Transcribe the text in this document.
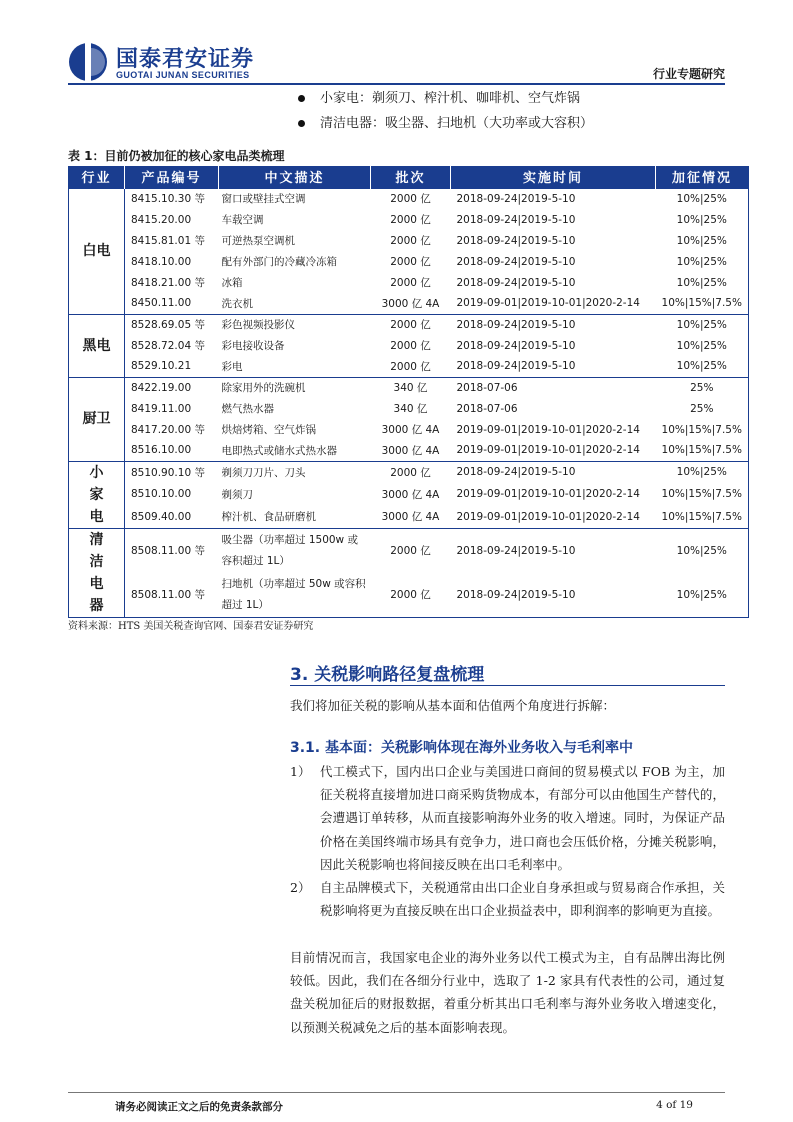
国泰君安证券
GUOTAI JUNAN SECURITIES	行业专题研究
小家电：剃须刀、榨汁机、咖啡机、空气炸锅
清洁电器：吸尘器、扫地机（大功率或大容积）
表 1：目前仍被加征的核心家电品类梳理
行业	产品编号	中文描述	批次	实施时间	加征情况
白电	8415.10.30 等	窗口或壁挂式空调	2000 亿	2018-09-24|2019-5-10	10%|25%
	8415.20.00	车载空调	2000 亿	2018-09-24|2019-5-10	10%|25%
	8415.81.01 等	可逆热泵空调机	2000 亿	2018-09-24|2019-5-10	10%|25%
	8418.10.00	配有外部门的冷藏冷冻箱	2000 亿	2018-09-24|2019-5-10	10%|25%
	8418.21.00 等	冰箱	2000 亿	2018-09-24|2019-5-10	10%|25%
	8450.11.00	洗衣机	3000 亿 4A	2019-09-01|2019-10-01|2020-2-14	10%|15%|7.5%
黑电	8528.69.05 等	彩色视频投影仪	2000 亿	2018-09-24|2019-5-10	10%|25%
	8528.72.04 等	彩电接收设备	2000 亿	2018-09-24|2019-5-10	10%|25%
	8529.10.21	彩电	2000 亿	2018-09-24|2019-5-10	10%|25%
厨卫	8422.19.00	除家用外的洗碗机	340 亿	2018-07-06	25%
	8419.11.00	燃气热水器	340 亿	2018-07-06	25%
	8417.20.00 等	烘焙烤箱、空气炸锅	3000 亿 4A	2019-09-01|2019-10-01|2020-2-14	10%|15%|7.5%
	8516.10.00	电即热式或储水式热水器	3000 亿 4A	2019-09-01|2019-10-01|2020-2-14	10%|15%|7.5%
小家电	8510.90.10 等	剃须刀刀片、刀头	2000 亿	2018-09-24|2019-5-10	10%|25%
	8510.10.00	剃须刀	3000 亿 4A	2019-09-01|2019-10-01|2020-2-14	10%|15%|7.5%
	8509.40.00	榨汁机、食品研磨机	3000 亿 4A	2019-09-01|2019-10-01|2020-2-14	10%|15%|7.5%
清洁电器	8508.11.00 等	吸尘器（功率超过 1500w 或容积超过 1L）	2000 亿	2018-09-24|2019-5-10	10%|25%
	8508.11.00 等	扫地机（功率超过 50w 或容积超过 1L）	2000 亿	2018-09-24|2019-5-10	10%|25%
资料来源：HTS 美国关税查询官网、国泰君安证券研究
3. 关税影响路径复盘梳理
我们将加征关税的影响从基本面和估值两个角度进行拆解：
3.1. 基本面：关税影响体现在海外业务收入与毛利率中
1） 代工模式下，国内出口企业与美国进口商间的贸易模式以 FOB 为主，加征关税将直接增加进口商采购货物成本，有部分可以由他国生产替代的，会遭遇订单转移，从而直接影响海外业务的收入增速。同时，为保证产品价格在美国终端市场具有竞争力，进口商也会压低价格，分摊关税影响，因此关税影响也将间接反映在出口毛利率中。

2） 自主品牌模式下，关税通常由出口企业自身承担或与贸易商合作承担，关税影响将更为直接反映在出口企业损益表中，即利润率的影响更为直接。

目前情况而言，我国家电企业的海外业务以代工模式为主，自有品牌出海比例较低。因此，我们在各细分行业中，选取了 1-2 家具有代表性的公司，通过复盘关税加征后的财报数据，着重分析其出口毛利率与海外业务收入增速变化，以预测关税减免之后的基本面影响表现。

请务必阅读正文之后的免责条款部分	4 of 19
